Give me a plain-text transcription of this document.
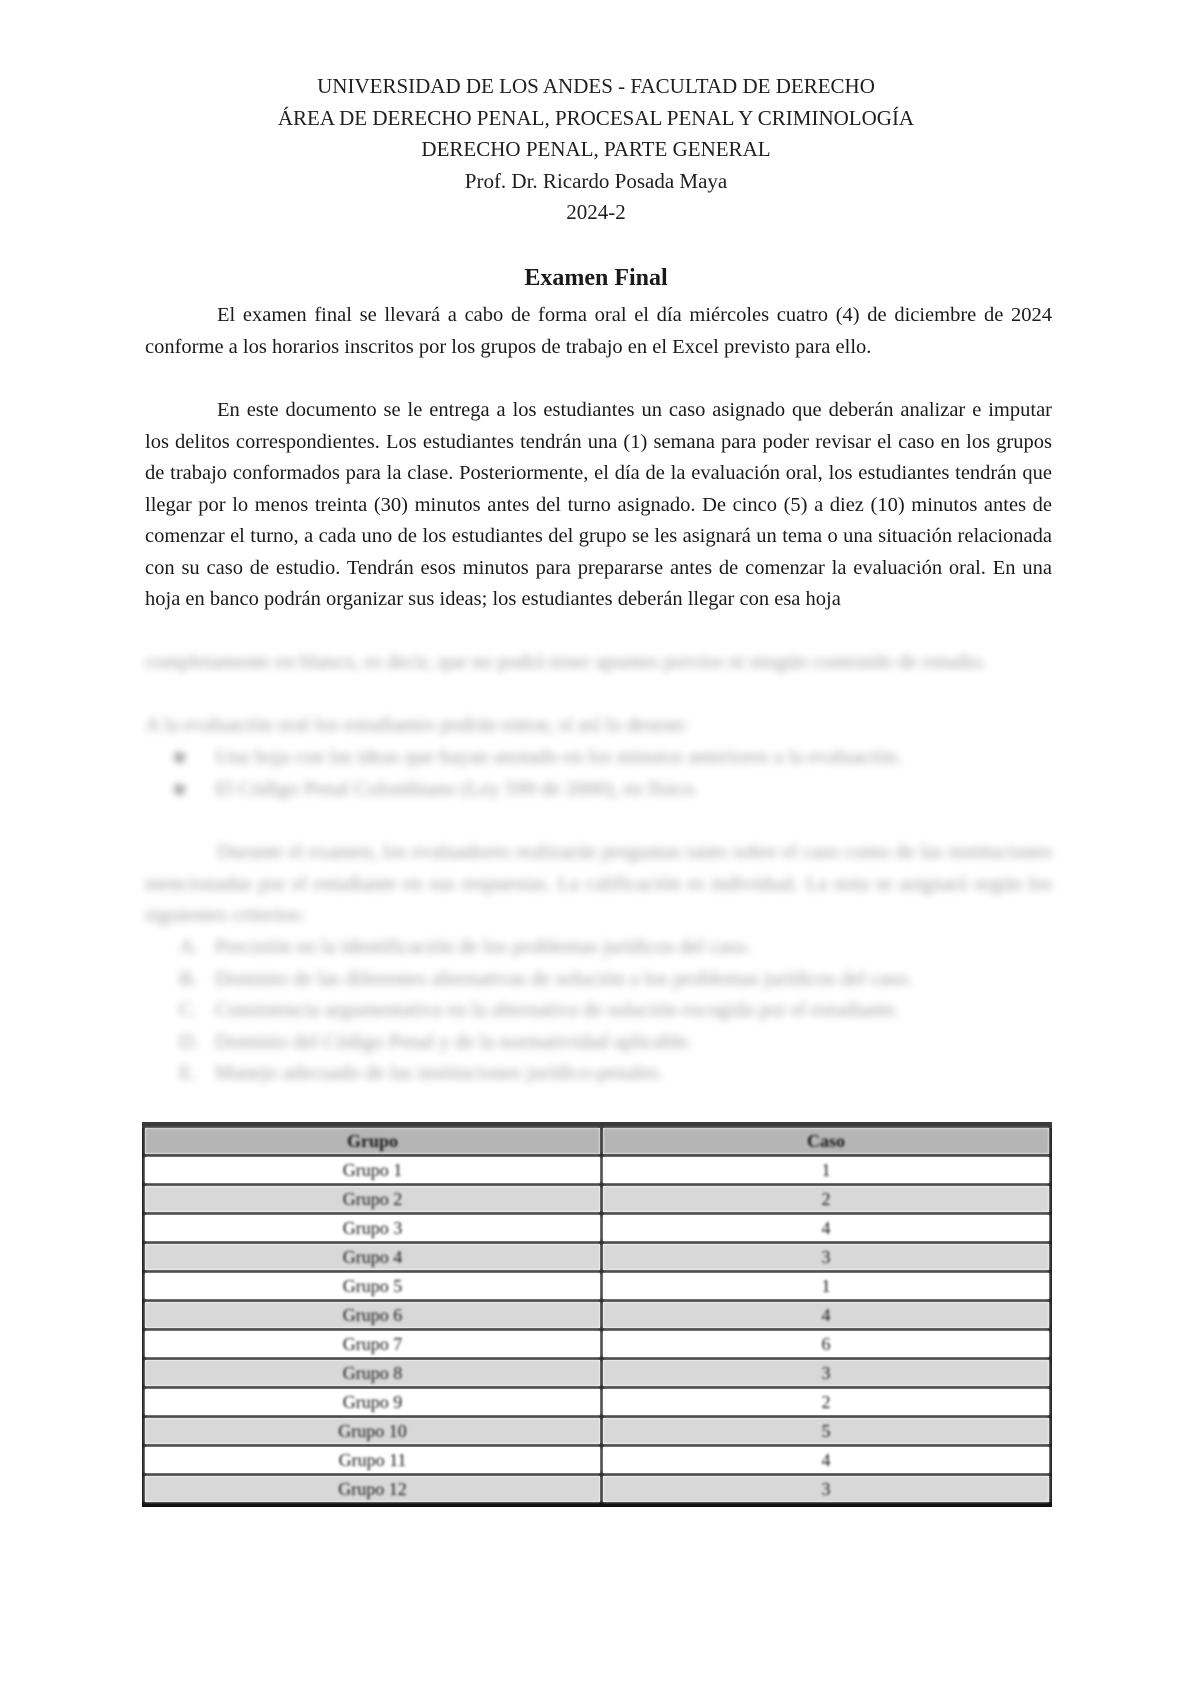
UNIVERSIDAD DE LOS ANDES - FACULTAD DE DERECHO
ÁREA DE DERECHO PENAL, PROCESAL PENAL Y CRIMINOLOGÍA
DERECHO PENAL, PARTE GENERAL
Prof. Dr. Ricardo Posada Maya
2024-2
Examen Final

El examen final se llevará a cabo de forma oral el día miércoles cuatro (4) de diciembre de 2024 conforme a los horarios inscritos por los grupos de trabajo en el Excel previsto para ello.

En este documento se le entrega a los estudiantes un caso asignado que deberán analizar e imputar los delitos correspondientes. Los estudiantes tendrán una (1) semana para poder revisar el caso en los grupos de trabajo conformados para la clase. Posteriormente, el día de la evaluación oral, los estudiantes tendrán que llegar por lo menos treinta (30) minutos antes del turno asignado. De cinco (5) a diez (10) minutos antes de comenzar el turno, a cada uno de los estudiantes del grupo se les asignará un tema o una situación relacionada con su caso de estudio. Tendrán esos minutos para prepararse antes de comenzar la evaluación oral. En una hoja en banco podrán organizar sus ideas; los estudiantes deberán llegar con esa hoja

completamente en blanco, es decir, que no podrá tener apuntes previos ni ningún contenido de estudio.
A la evaluación oral los estudiantes podrán entrar, sí así lo desean:
Una hoja con las ideas que hayan anotado en los minutos anteriores a la evaluación.
El Código Penal Colombiano (Ley 599 de 2000), en físico.

Durante el examen, los evaluadores realizarán preguntas tanto sobre el caso como de las instituciones mencionadas por el estudiante en sus respuestas. La calificación es individual. La nota se asignará según los siguientes criterios:

A. Precisión en la identificación de los problemas jurídicos del caso.
B. Dominio de las diferentes alternativas de solución a los problemas jurídicos del caso.
C. Consistencia argumentativa en la alternativa de solución escogida por el estudiante.
D. Dominio del Código Penal y de la normatividad aplicable.
E. Manejo adecuado de las instituciones jurídico-penales.
Grupo	Caso
Grupo 1	1
Grupo 2	2
Grupo 3	4
Grupo 4	3
Grupo 5	1
Grupo 6	4
Grupo 7	6
Grupo 8	3
Grupo 9	2
Grupo 10	5
Grupo 11	4
Grupo 12	3
